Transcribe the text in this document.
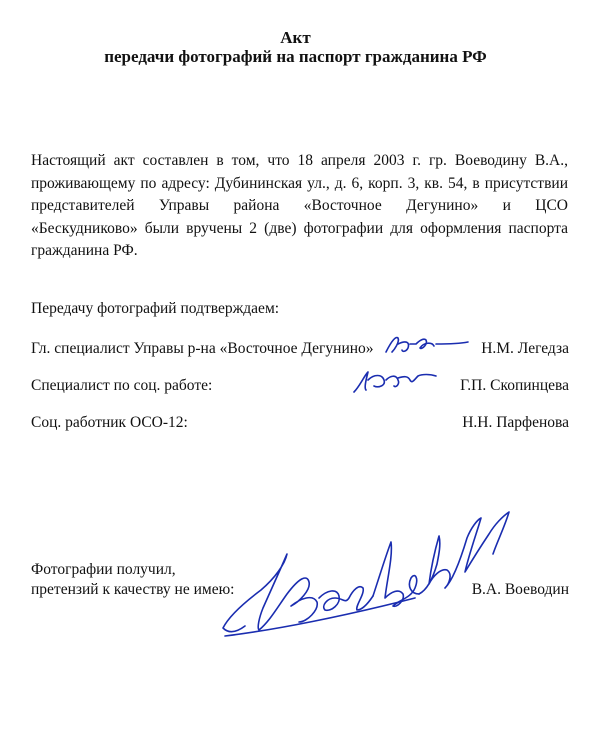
Акт
передачи фотографий на паспорт гражданина РФ
Настоящий акт составлен в том, что 18 апреля 2003 г. гр. Воеводину В.А.,
проживающему по адресу: Дубининская ул., д. 6, корп. 3, кв. 54, в присутствии
представителей Управы района «Восточное Дегунино» и ЦСО
«Бескудниково» были вручены 2 (две) фотографии для оформления паспорта
гражданина РФ.
Передачу фотографий подтверждаем:
Гл. специалист Управы р-на «Восточное Дегунино»	Н.М. Легедза
Специалист по соц. работе:	Г.П. Скопинцева
Соц. работник ОСО-12:	Н.Н. Парфенова
Фотографии получил,
претензий к качеству не имею:	В.А. Воеводин
